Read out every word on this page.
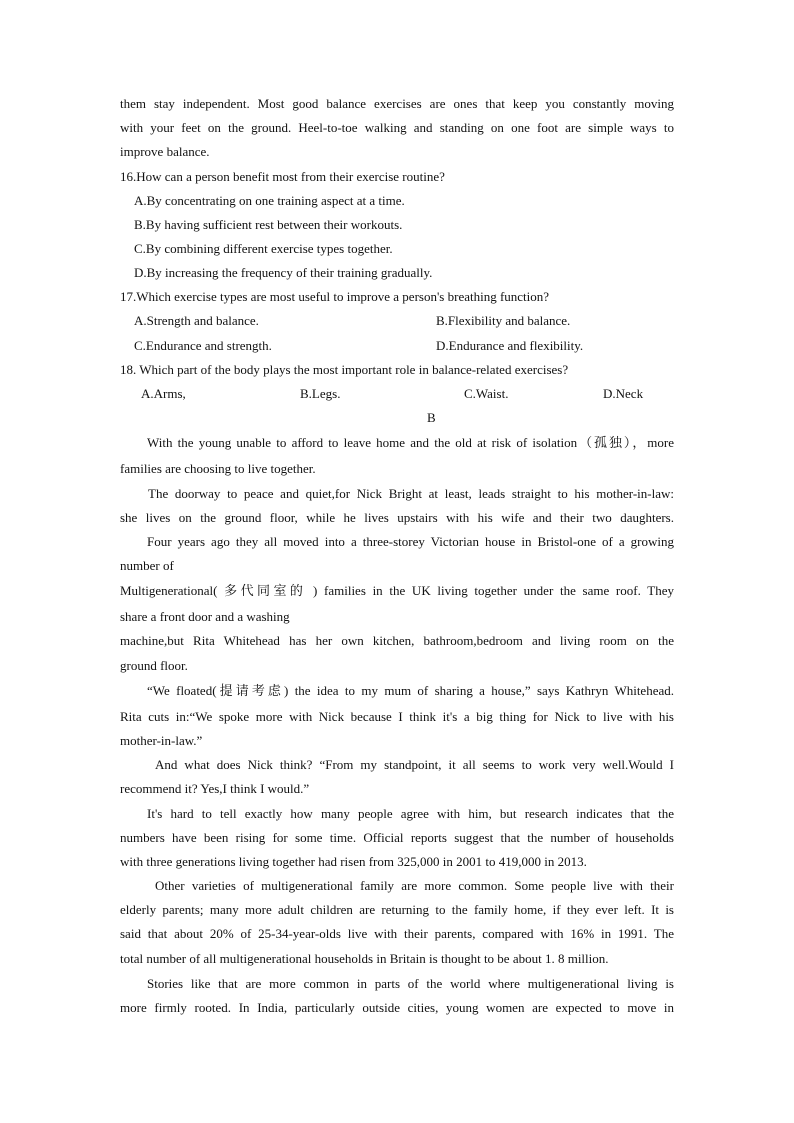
them stay independent. Most good balance exercises are ones that keep you constantly moving
with your feet on the ground. Heel-to-toe walking and standing on one foot are simple ways to
improve balance.
16.How can a person benefit most from their exercise routine?
A.By concentrating on one training aspect at a time.
B.By having sufficient rest between their workouts.
C.By combining different exercise types together.
D.By increasing the frequency of their training gradually.
17.Which exercise types are most useful to improve a person's breathing function?
A.Strength and balance.	B.Flexibility and balance.
C.Endurance and strength.	D.Endurance and flexibility.
18. Which part of the body plays the most important role in balance-related exercises?
A.Arms,	B.Legs.	C.Waist.	D.Neck
B
With the young unable to afford to leave home and the old at risk of isolation（孤独），more
families are choosing to live together.
The doorway to peace and quiet,for Nick Bright at least, leads straight to his mother-in-law:
she lives on the ground floor, while he lives upstairs with his wife and their two daughters.
Four years ago they all moved into a three-storey Victorian house in Bristol-one of a growing
number of
Multigenerational( 多代同室的 ) families in the UK living together under the same roof. They
share a front door and a washing
machine,but Rita Whitehead has her own kitchen, bathroom,bedroom and living room on the
ground floor.
“We floated(提请考虑) the idea to my mum of sharing a house,” says Kathryn Whitehead.
Rita cuts in:“We spoke more with Nick because I think it's a big thing for Nick to live with his
mother-in-law.”
And what does Nick think? “From my standpoint, it all seems to work very well.Would I
recommend it? Yes,I think I would.”
It's hard to tell exactly how many people agree with him, but research indicates that the
numbers have been rising for some time. Official reports suggest that the number of households
with three generations living together had risen from 325,000 in 2001 to 419,000 in 2013.
Other varieties of multigenerational family are more common. Some people live with their
elderly parents; many more adult children are returning to the family home, if they ever left. It is
said that about 20% of 25-34-year-olds live with their parents, compared with 16% in 1991. The
total number of all multigenerational households in Britain is thought to be about 1. 8 million.
Stories like that are more common in parts of the world where multigenerational living is
more firmly rooted. In India, particularly outside cities, young women are expected to move in
